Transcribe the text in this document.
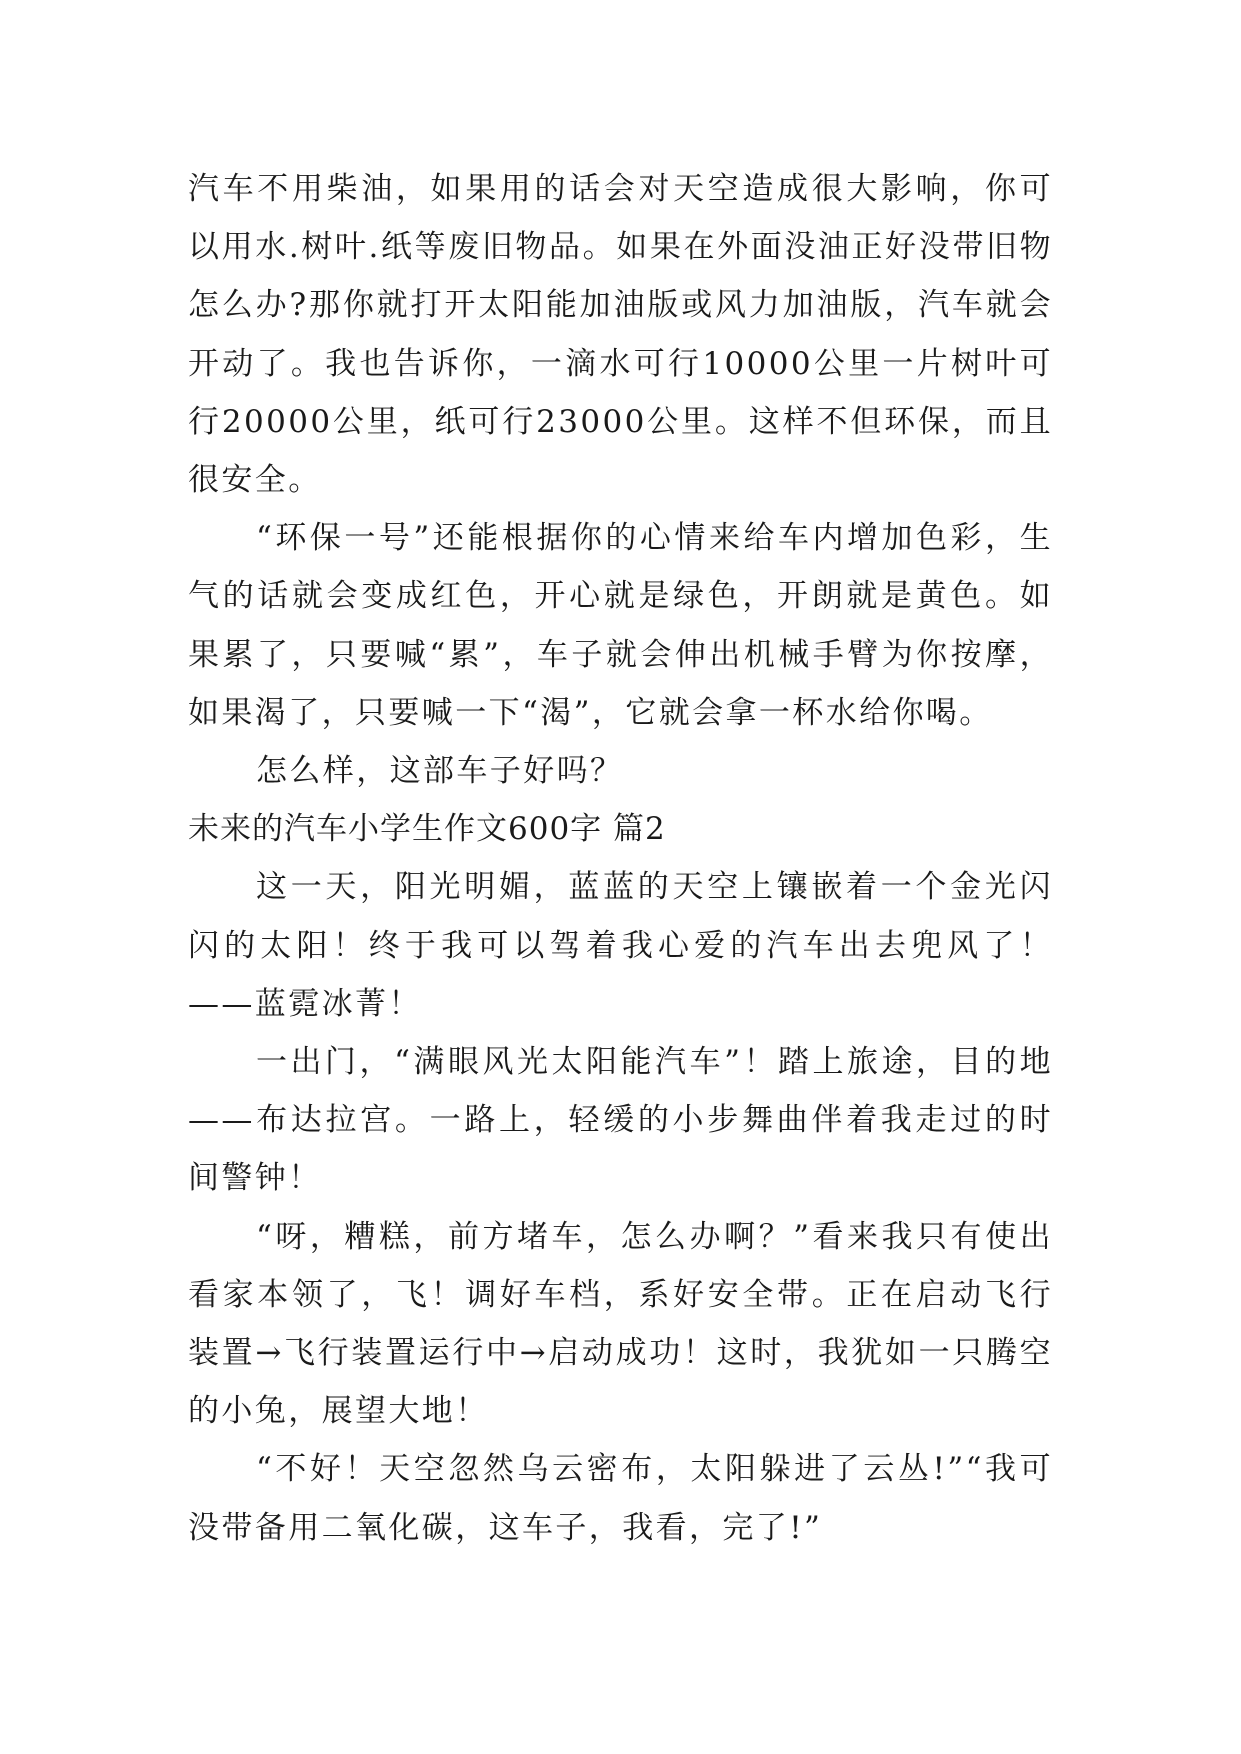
汽车不用柴油，如果用的话会对天空造成很大影响，你可以用水.树叶.纸等废旧物品。如果在外面没油正好没带旧物怎么办?那你就打开太阳能加油版或风力加油版，汽车就会开动了。我也告诉你，一滴水可行10000公里一片树叶可行20000公里，纸可行23000公里。这样不但环保，而且很安全。

“环保一号”还能根据你的心情来给车内增加色彩，生气的话就会变成红色，开心就是绿色，开朗就是黄色。如果累了，只要喊“累”，车子就会伸出机械手臂为你按摩，如果渴了，只要喊一下“渴”，它就会拿一杯水给你喝。

怎么样，这部车子好吗？

未来的汽车小学生作文600字 篇2

这一天，阳光明媚，蓝蓝的天空上镶嵌着一个金光闪闪的太阳！终于我可以驾着我心爱的汽车出去兜风了！——蓝霓冰菁！

一出门，“满眼风光太阳能汽车”！踏上旅途，目的地——布达拉宫。一路上，轻缓的小步舞曲伴着我走过的时间警钟！

“呀，糟糕，前方堵车，怎么办啊？”看来我只有使出看家本领了，飞！调好车档，系好安全带。正在启动飞行装置→飞行装置运行中→启动成功！这时，我犹如一只腾空的小兔，展望大地！

“不好！天空忽然乌云密布，太阳躲进了云丛!”“我可没带备用二氧化碳，这车子，我看，完了!”
